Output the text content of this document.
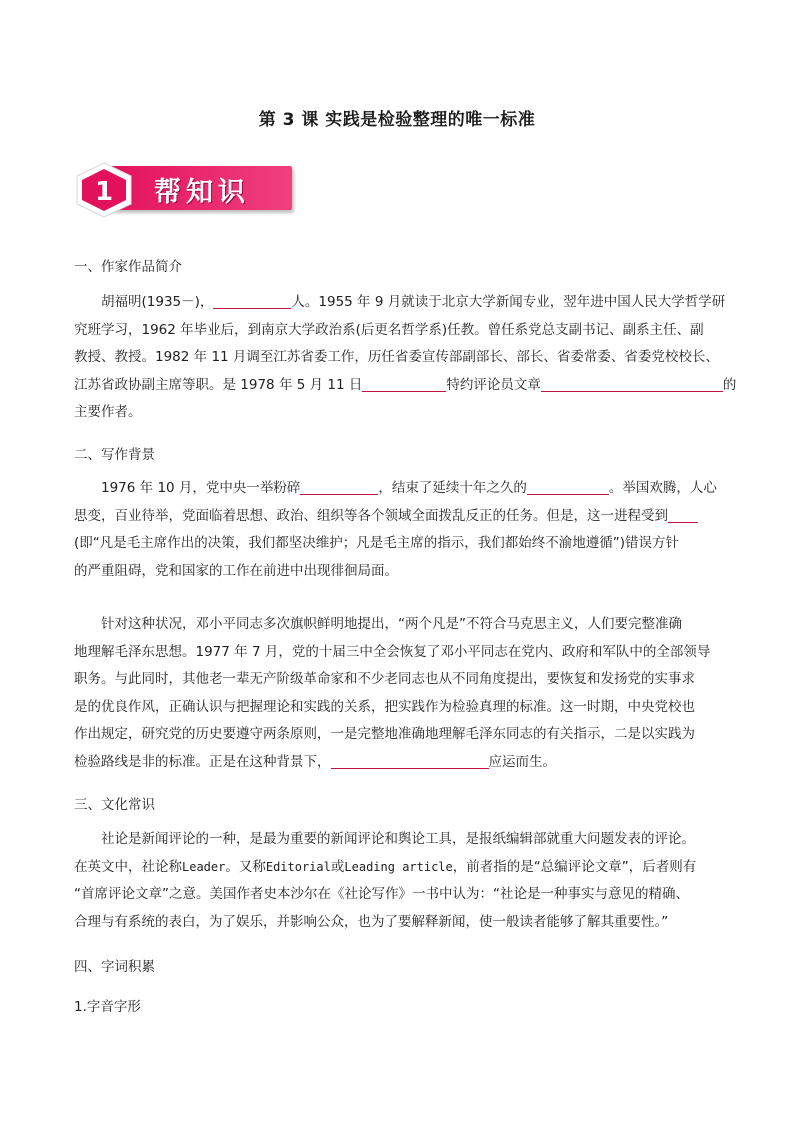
第 3 课 实践是检验整理的唯一标准
1 帮知识
一、作家作品简介
胡福明(1935－)，	人。1955 年 9 月就读于北京大学新闻专业，翌年进中国人民大学哲学研
究班学习，1962 年毕业后，到南京大学政治系(后更名哲学系)任教。曾任系党总支副书记、副系主任、副
教授、教授。1982 年 11 月调至江苏省委工作，历任省委宣传部副部长、部长、省委常委、省委党校校长、
江苏省政协副主席等职。是 1978 年 5 月 11 日	特约评论员文章	的
主要作者。
二、写作背景
1976 年 10 月，党中央一举粉碎	，结束了延续十年之久的	。举国欢腾，人心
思变，百业待举，党面临着思想、政治、组织等各个领域全面拨乱反正的任务。但是，这一进程受到
(即“凡是毛主席作出的决策，我们都坚决维护；凡是毛主席的指示，我们都始终不渝地遵循”)错误方针
的严重阻碍，党和国家的工作在前进中出现徘徊局面。
针对这种状况，邓小平同志多次旗帜鲜明地提出，“两个凡是”不符合马克思主义，人们要完整准确
地理解毛泽东思想。1977 年 7 月，党的十届三中全会恢复了邓小平同志在党内、政府和军队中的全部领导
职务。与此同时，其他老一辈无产阶级革命家和不少老同志也从不同角度提出，要恢复和发扬党的实事求
是的优良作风，正确认识与把握理论和实践的关系，把实践作为检验真理的标准。这一时期，中央党校也
作出规定，研究党的历史要遵守两条原则，一是完整地准确地理解毛泽东同志的有关指示，二是以实践为
检验路线是非的标准。正是在这种背景下，	应运而生。
三、文化常识
社论是新闻评论的一种，是最为重要的新闻评论和舆论工具，是报纸编辑部就重大问题发表的评论。
在英文中，社论称Leader。又称Editorial或Leading article，前者指的是“总编评论文章”，后者则有
“首席评论文章”之意。美国作者史本沙尔在《社论写作》一书中认为：“社论是一种事实与意见的精确、
合理与有系统的表白，为了娱乐，并影响公众，也为了要解释新闻，使一般读者能够了解其重要性。”
四、字词积累
1.字音字形
